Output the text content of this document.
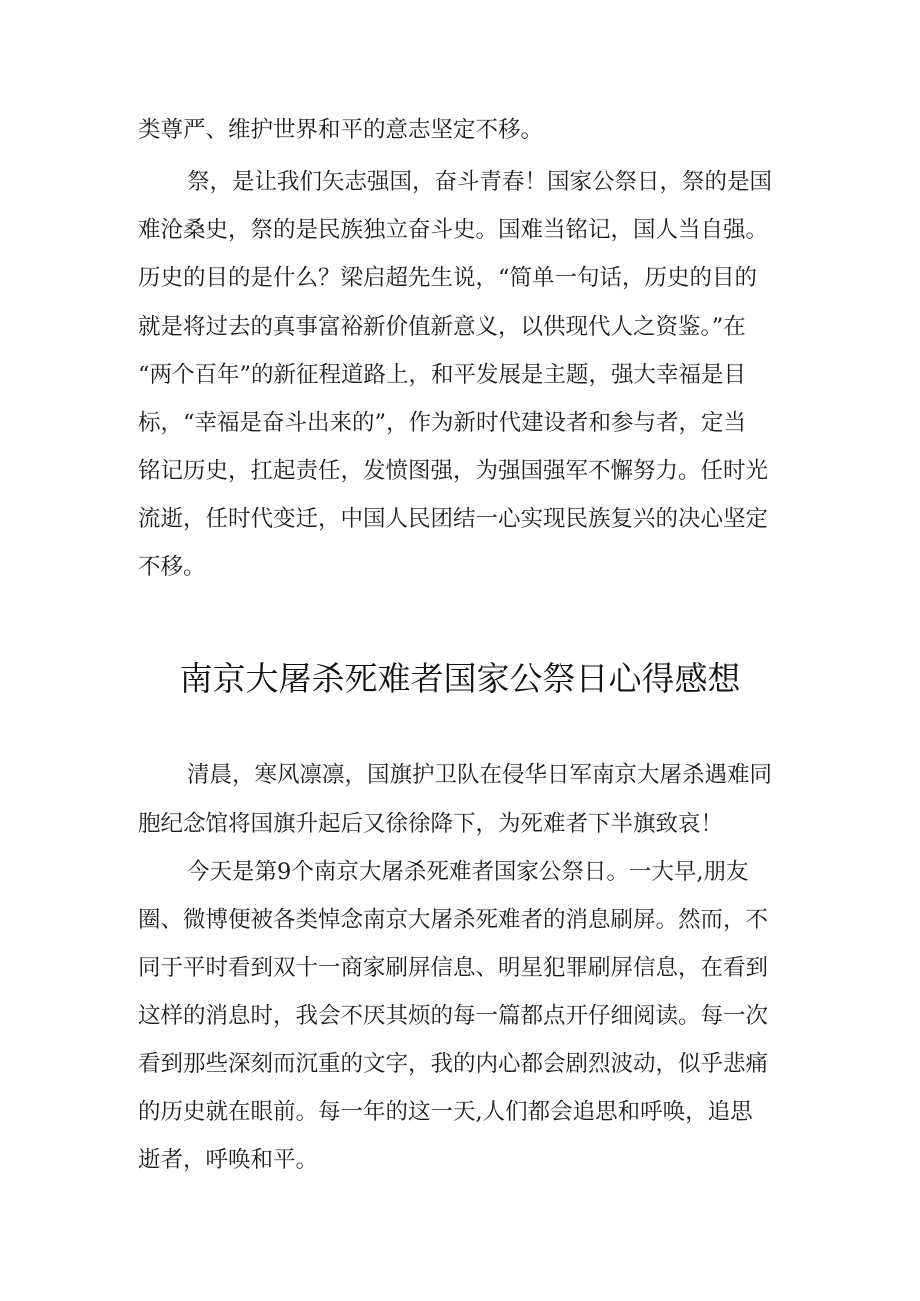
类尊严、维护世界和平的意志坚定不移。

祭，是让我们矢志强国，奋斗青春！国家公祭日，祭的是国

难沧桑史，祭的是民族独立奋斗史。国难当铭记，国人当自强。

历史的目的是什么？梁启超先生说，“简单一句话，历史的目的

就是将过去的真事富裕新价值新意义，以供现代人之资鉴。”在

“两个百年”的新征程道路上，和平发展是主题，强大幸福是目

标，“幸福是奋斗出来的”，作为新时代建设者和参与者，定当

铭记历史，扛起责任，发愤图强，为强国强军不懈努力。任时光

流逝，任时代变迁，中国人民团结一心实现民族复兴的决心坚定

不移。

南京大屠杀死难者国家公祭日心得感想

清晨，寒风凛凛，国旗护卫队在侵华日军南京大屠杀遇难同

胞纪念馆将国旗升起后又徐徐降下，为死难者下半旗致哀！

今天是第9个南京大屠杀死难者国家公祭日。一大早,朋友

圈、微博便被各类悼念南京大屠杀死难者的消息刷屏。然而，不

同于平时看到双十一商家刷屏信息、明星犯罪刷屏信息，在看到

这样的消息时，我会不厌其烦的每一篇都点开仔细阅读。每一次

看到那些深刻而沉重的文字，我的内心都会剧烈波动，似乎悲痛

的历史就在眼前。每一年的这一天,人们都会追思和呼唤，追思

逝者，呼唤和平。
